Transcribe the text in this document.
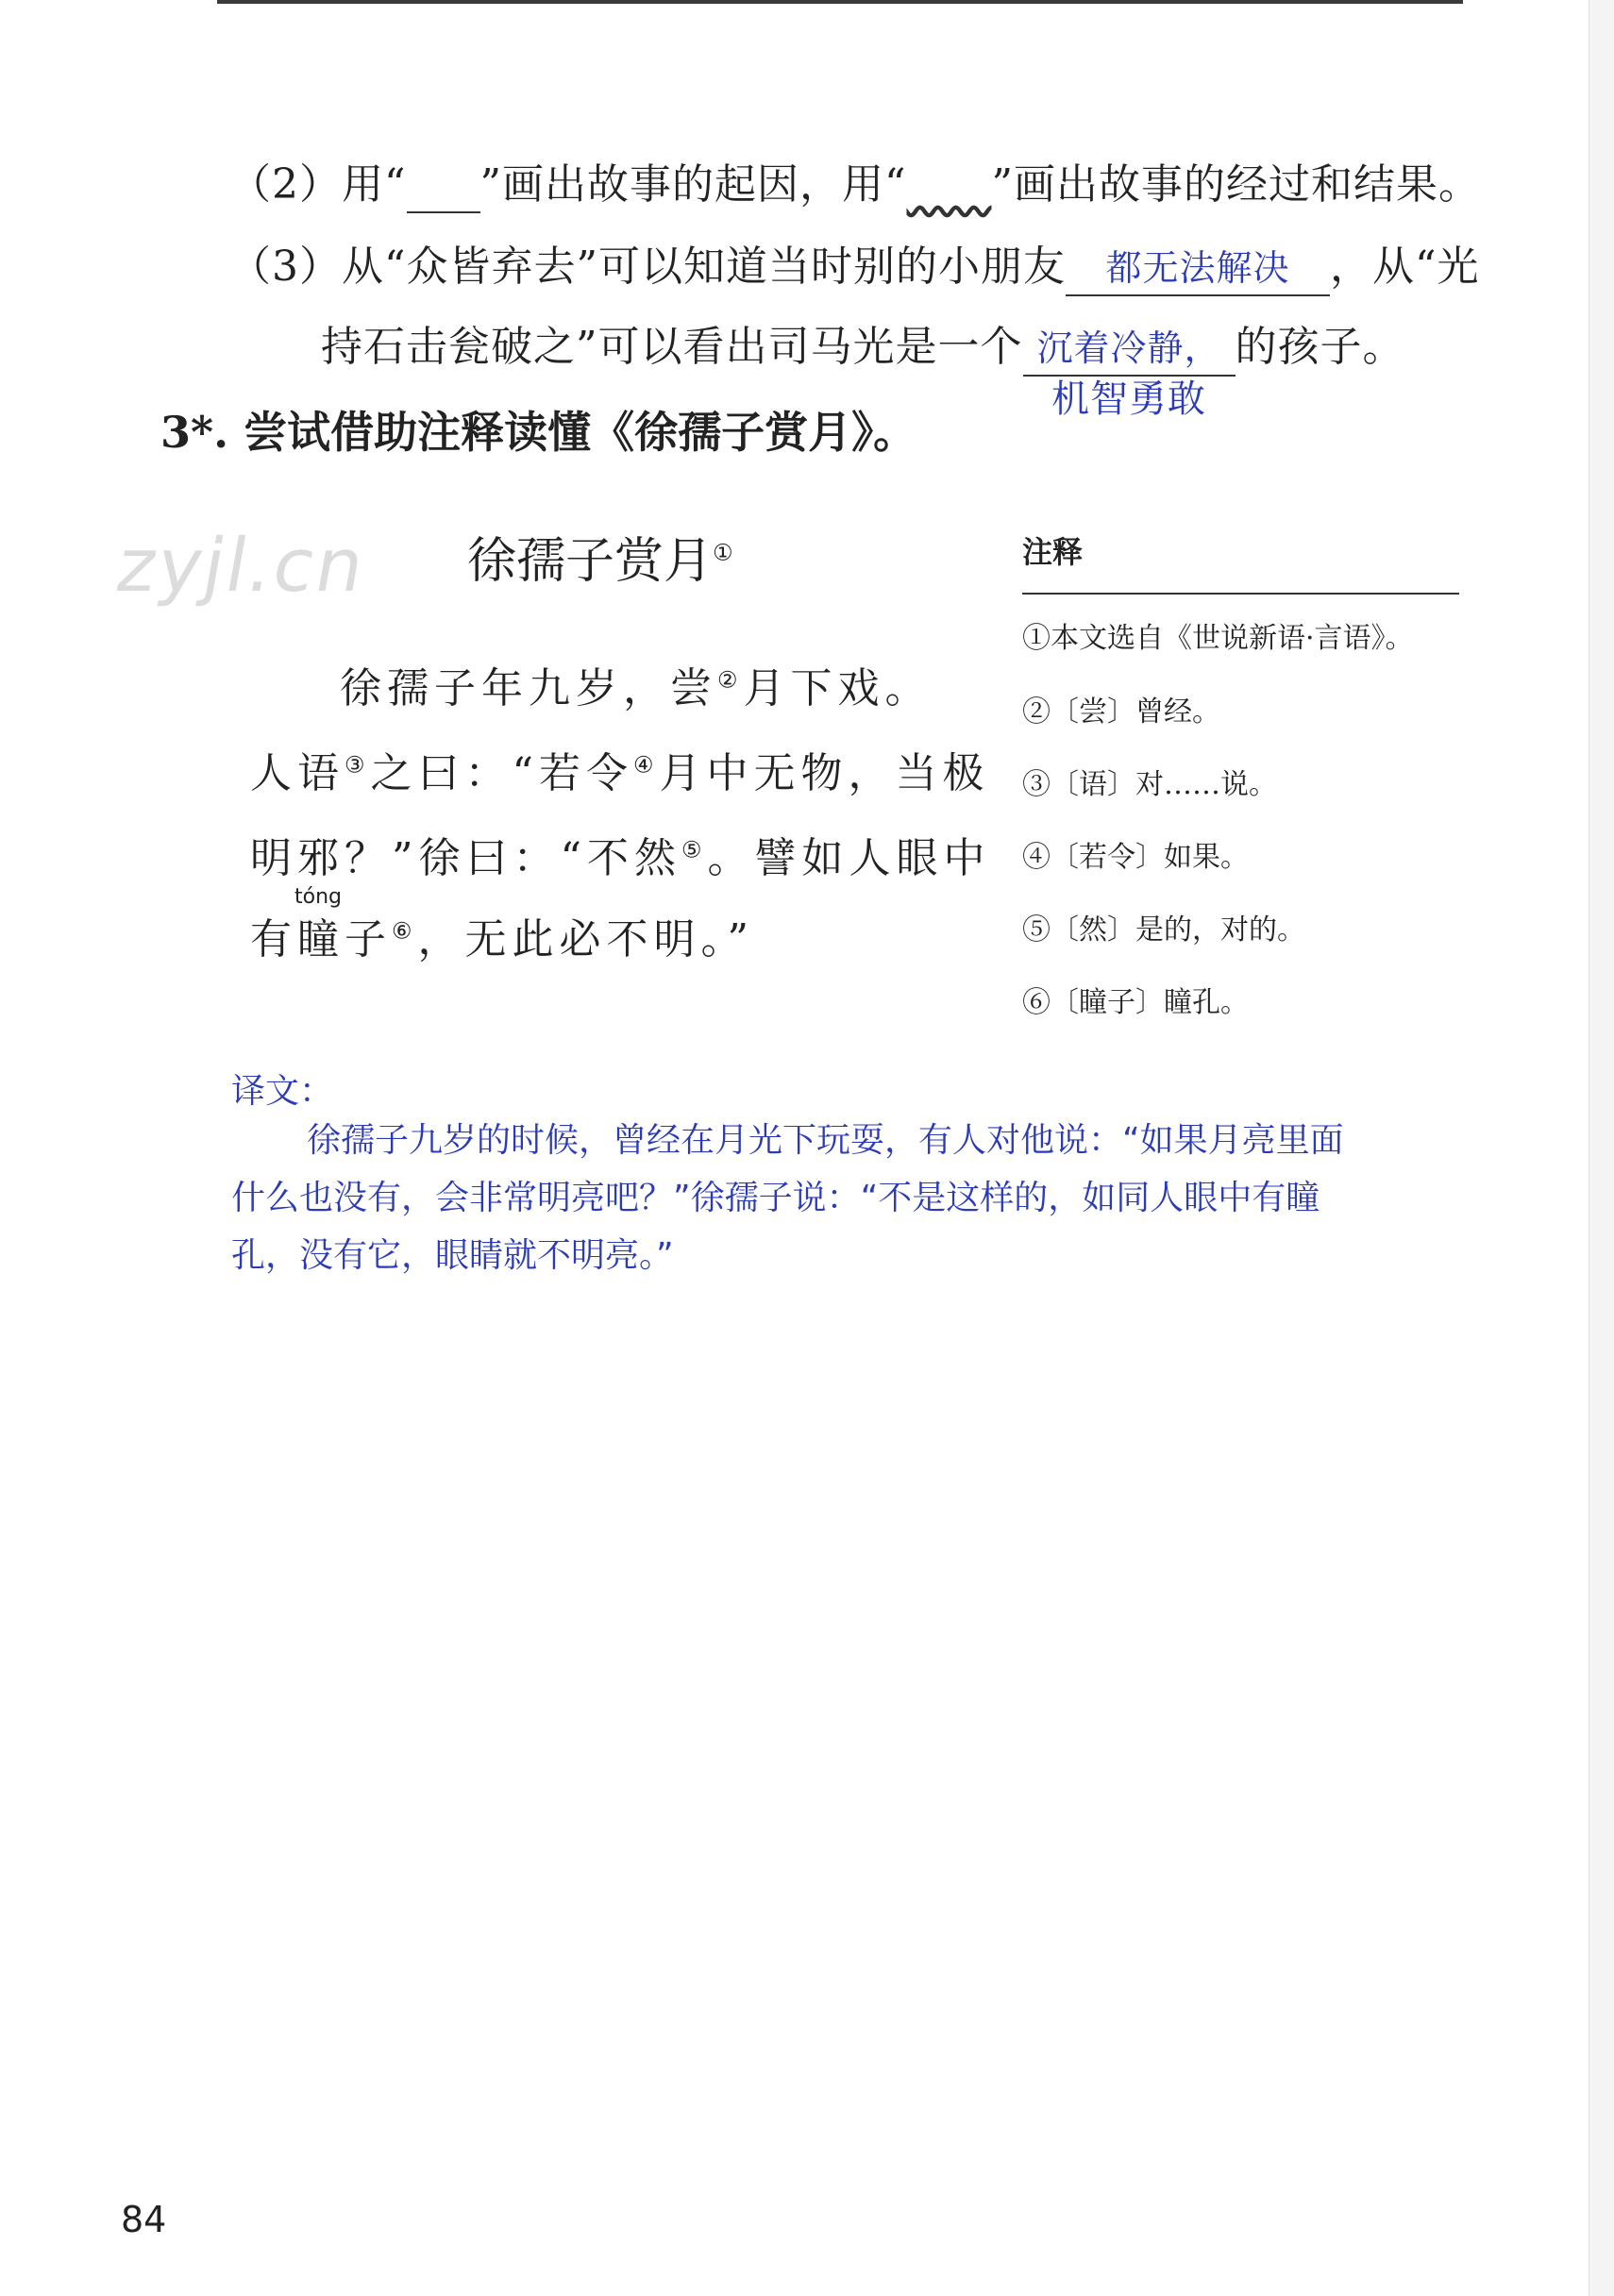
（2）用“ ”画出故事的起因，用“ ”画出故事的经过和结果。
（3）从“众皆弃去”可以知道当时别的小朋友 都无法解决 ，从“光
持石击瓮破之”可以看出司马光是一个 沉着冷静，
机智勇敢
的孩子。
3*. 尝试借助注释读懂《徐孺子赏月》。
zyjl.cn 徐孺子赏月①
徐孺子年九岁，尝②月下戏。
人语③之曰：“若令④月中无物，当极
明邪？”徐曰：“不然⑤。譬如人眼中
tóng
有瞳子⑥，无此必不明。”
注释
①本文选自《世说新语·言语》。
②〔尝〕曾经。
③〔语〕对……说。
④〔若令〕如果。
⑤〔然〕是的，对的。
⑥〔瞳子〕瞳孔。
译文：
徐孺子九岁的时候，曾经在月光下玩耍，有人对他说：“如果月亮里面什么也没有，会非常明亮吧？”徐孺子说：“不是这样的，如同人眼中有瞳孔，没有它，眼睛就不明亮。”
84
